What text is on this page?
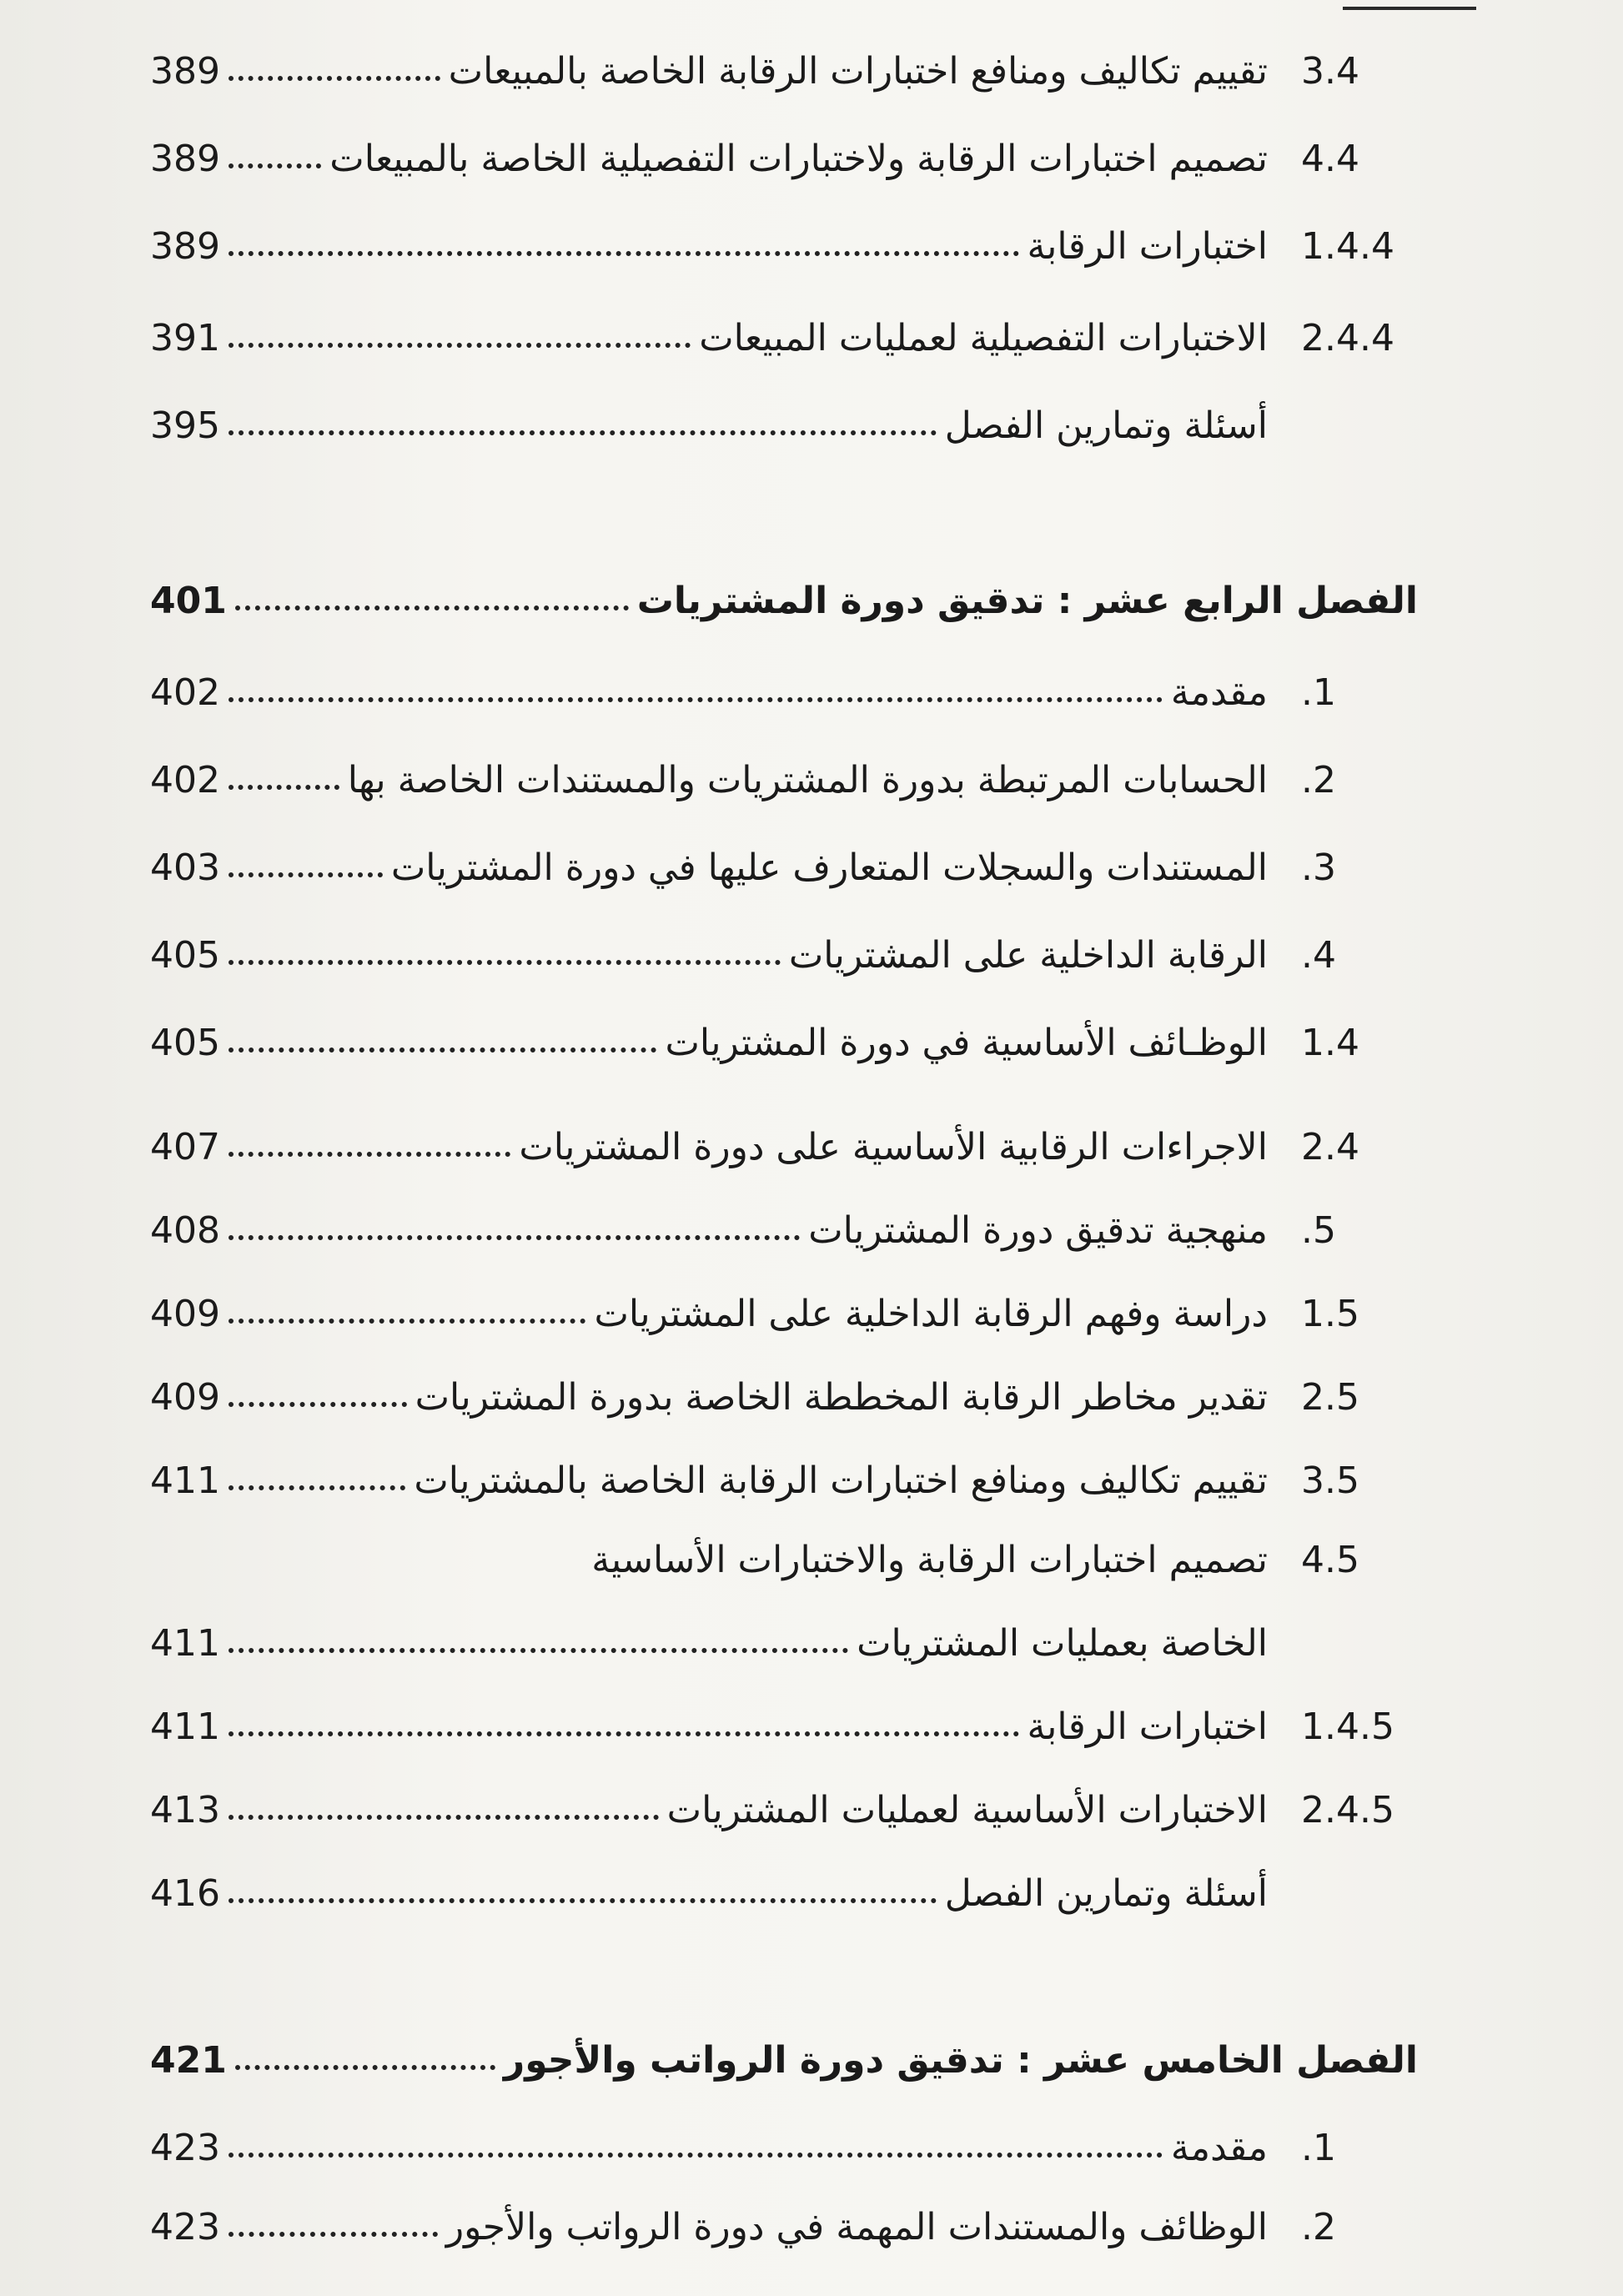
3.4
تقييم تكاليف ومنافع اختبارات الرقابة الخاصة بالمبيعات
389
4.4
تصميم اختبارات الرقابة ولاختبارات التفصيلية الخاصة بالمبيعات
389
1.4.4
اختبارات الرقابة
389
2.4.4
الاختبارات التفصيلية لعمليات المبيعات
391
أسئلة وتمارين الفصل
395
الفصل الرابع عشر : تدقيق دورة المشتريات
401
.1
مقدمة
402
.2
الحسابات المرتبطة بدورة المشتريات والمستندات الخاصة بها
402
.3
المستندات والسجلات المتعارف عليها في دورة المشتريات
403
.4
الرقابة الداخلية على المشتريات
405
1.4
الوظـائف الأساسية في دورة المشتريات
405
2.4
الاجراءات الرقابية الأساسية على دورة المشتريات
407
.5
منهجية تدقيق دورة المشتريات
408
1.5
دراسة وفهم الرقابة الداخلية على المشتريات
409
2.5
تقدير مخاطر الرقابة المخططة الخاصة بدورة المشتريات
409
3.5
تقييم تكاليف ومنافع اختبارات الرقابة الخاصة بالمشتريات
411
4.5
تصميم اختبارات الرقابة والاختبارات الأساسية
الخاصة بعمليات المشتريات
411
1.4.5
اختبارات الرقابة
411
2.4.5
الاختبارات الأساسية لعمليات المشتريات
413
أسئلة وتمارين الفصل
416
الفصل الخامس عشر : تدقيق دورة الرواتب والأجور
421
.1
مقدمة
423
.2
الوظائف والمستندات المهمة في دورة الرواتب والأجور
423
